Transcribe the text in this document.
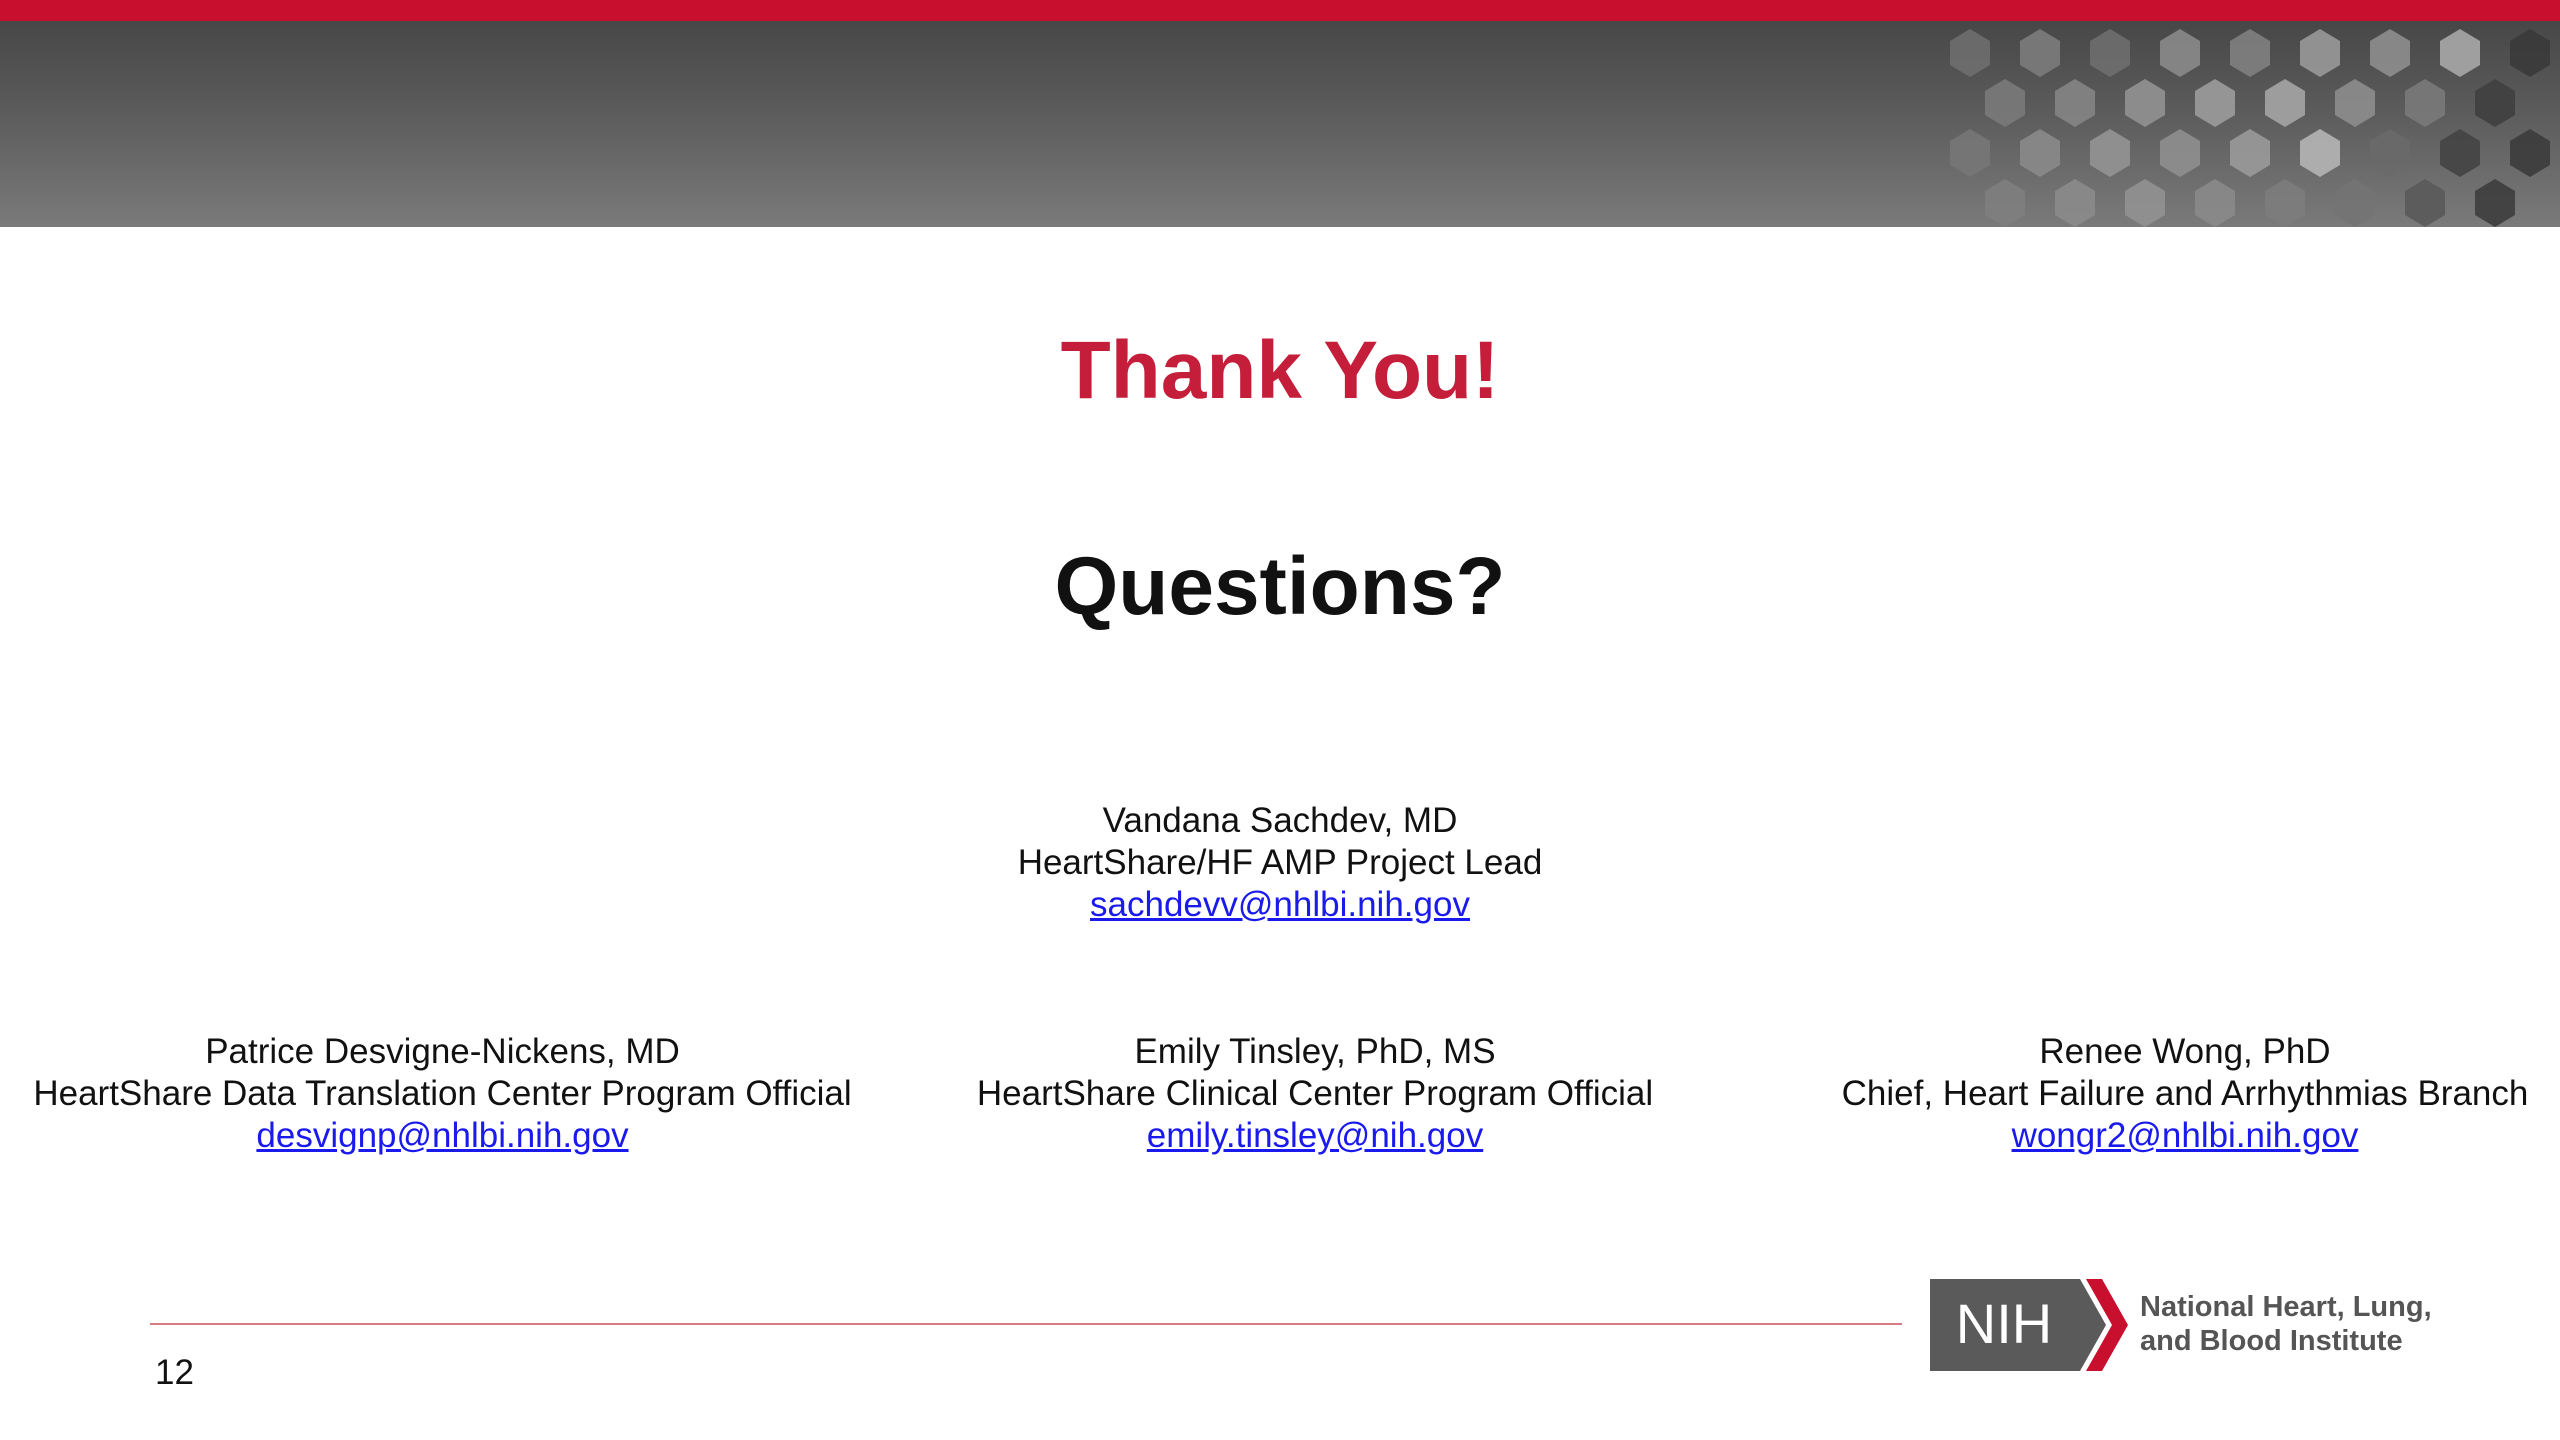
Thank You!
Questions?
Vandana Sachdev, MD
HeartShare/HF AMP Project Lead
sachdevv@nhlbi.nih.gov
Patrice Desvigne-Nickens, MD
HeartShare Data Translation Center Program Official
desvignp@nhlbi.nih.gov
Emily Tinsley, PhD, MS
HeartShare Clinical Center Program Official
emily.tinsley@nih.gov
Renee Wong, PhD
Chief, Heart Failure and Arrhythmias Branch
wongr2@nhlbi.nih.gov
12
NIH	National Heart, Lung,
and Blood Institute
